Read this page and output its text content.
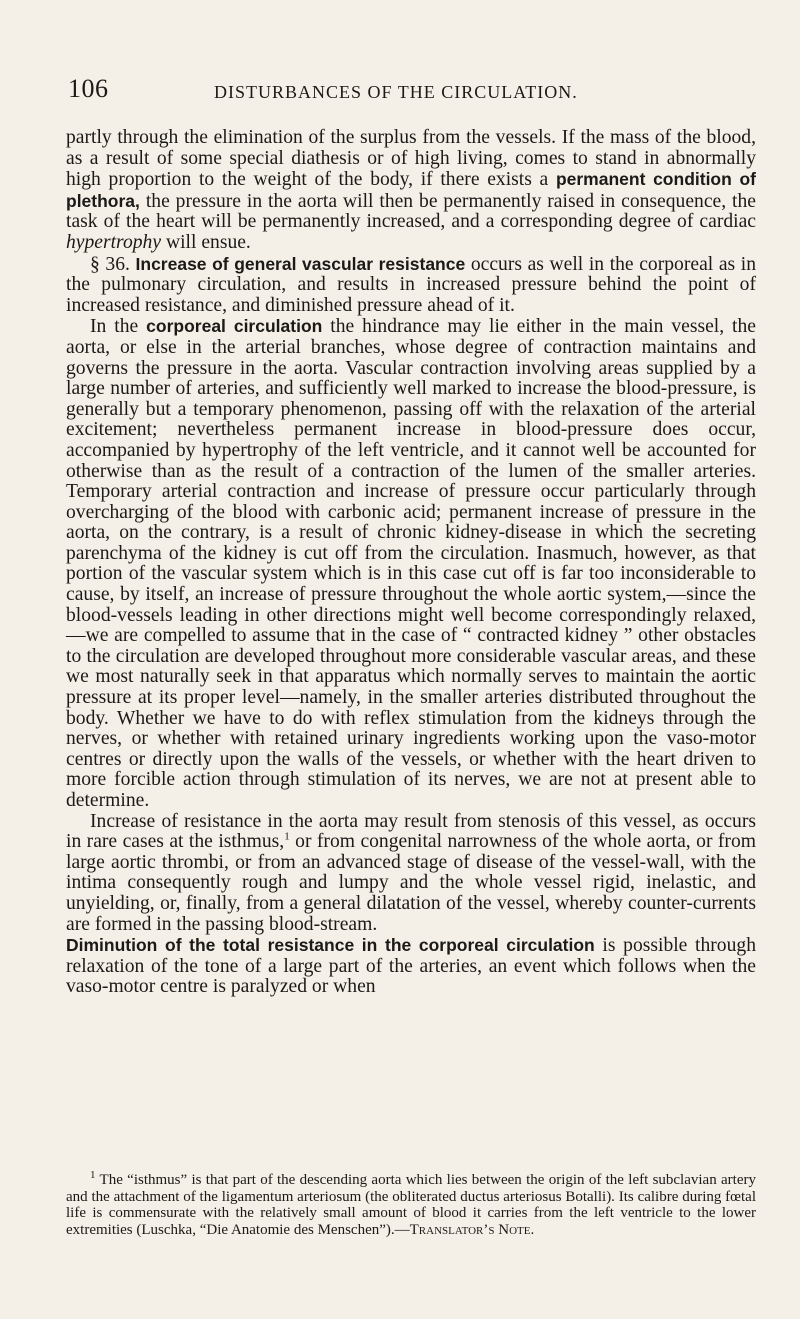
106	DISTURBANCES OF THE CIRCULATION.

partly through the elimination of the surplus from the vessels. If the mass of the blood, as a result of some special diathesis or of high living, comes to stand in abnormally high proportion to the weight of the body, if there exists a permanent condition of plethora, the pressure in the aorta will then be permanently raised in consequence, the task of the heart will be permanently increased, and a corresponding degree of cardiac hypertrophy will ensue.

§ 36. Increase of general vascular resistance occurs as well in the corporeal as in the pulmonary circulation, and results in increased pressure behind the point of increased resistance, and diminished pressure ahead of it.

In the corporeal circulation the hindrance may lie either in the main vessel, the aorta, or else in the arterial branches, whose degree of contraction maintains and governs the pressure in the aorta. Vascular contraction involving areas supplied by a large number of arteries, and sufficiently well marked to increase the blood-pressure, is generally but a temporary phenomenon, passing off with the relaxation of the arterial excitement; nevertheless permanent increase in blood-pressure does occur, accompanied by hypertrophy of the left ventricle, and it cannot well be accounted for otherwise than as the result of a contraction of the lumen of the smaller arteries. Temporary arterial contraction and increase of pressure occur particularly through overcharging of the blood with carbonic acid; permanent increase of pressure in the aorta, on the contrary, is a result of chronic kidney-disease in which the secreting parenchyma of the kidney is cut off from the circulation. Inasmuch, however, as that portion of the vascular system which is in this case cut off is far too inconsiderable to cause, by itself, an increase of pressure throughout the whole aortic system,—since the blood-vessels leading in other directions might well become correspondingly relaxed,—we are compelled to assume that in the case of “ contracted kidney ” other obstacles to the circulation are developed throughout more considerable vascular areas, and these we most naturally seek in that apparatus which normally serves to maintain the aortic pressure at its proper level—namely, in the smaller arteries distributed throughout the body. Whether we have to do with reflex stimulation from the kidneys through the nerves, or whether with retained urinary ingredients working upon the vaso-motor centres or directly upon the walls of the vessels, or whether with the heart driven to more forcible action through stimulation of its nerves, we are not at present able to determine.

Increase of resistance in the aorta may result from stenosis of this vessel, as occurs in rare cases at the isthmus,$^1$ or from congenital narrowness of the whole aorta, or from large aortic thrombi, or from an advanced stage of disease of the vessel-wall, with the intima consequently rough and lumpy and the whole vessel rigid, inelastic, and unyielding, or, finally, from a general dilatation of the vessel, whereby counter-currents are formed in the passing blood-stream.

Diminution of the total resistance in the corporeal circulation is possible through relaxation of the tone of a large part of the arteries, an event which follows when the vaso-motor centre is paralyzed or when

$^1$ The “isthmus” is that part of the descending aorta which lies between the origin of the left subclavian artery and the attachment of the ligamentum arteriosum (the obliterated ductus arteriosus Botalli). Its calibre during fœtal life is commensurate with the relatively small amount of blood it carries from the left ventricle to the lower extremities (Luschka, “Die Anatomie des Menschen”).—Translator’s Note.
